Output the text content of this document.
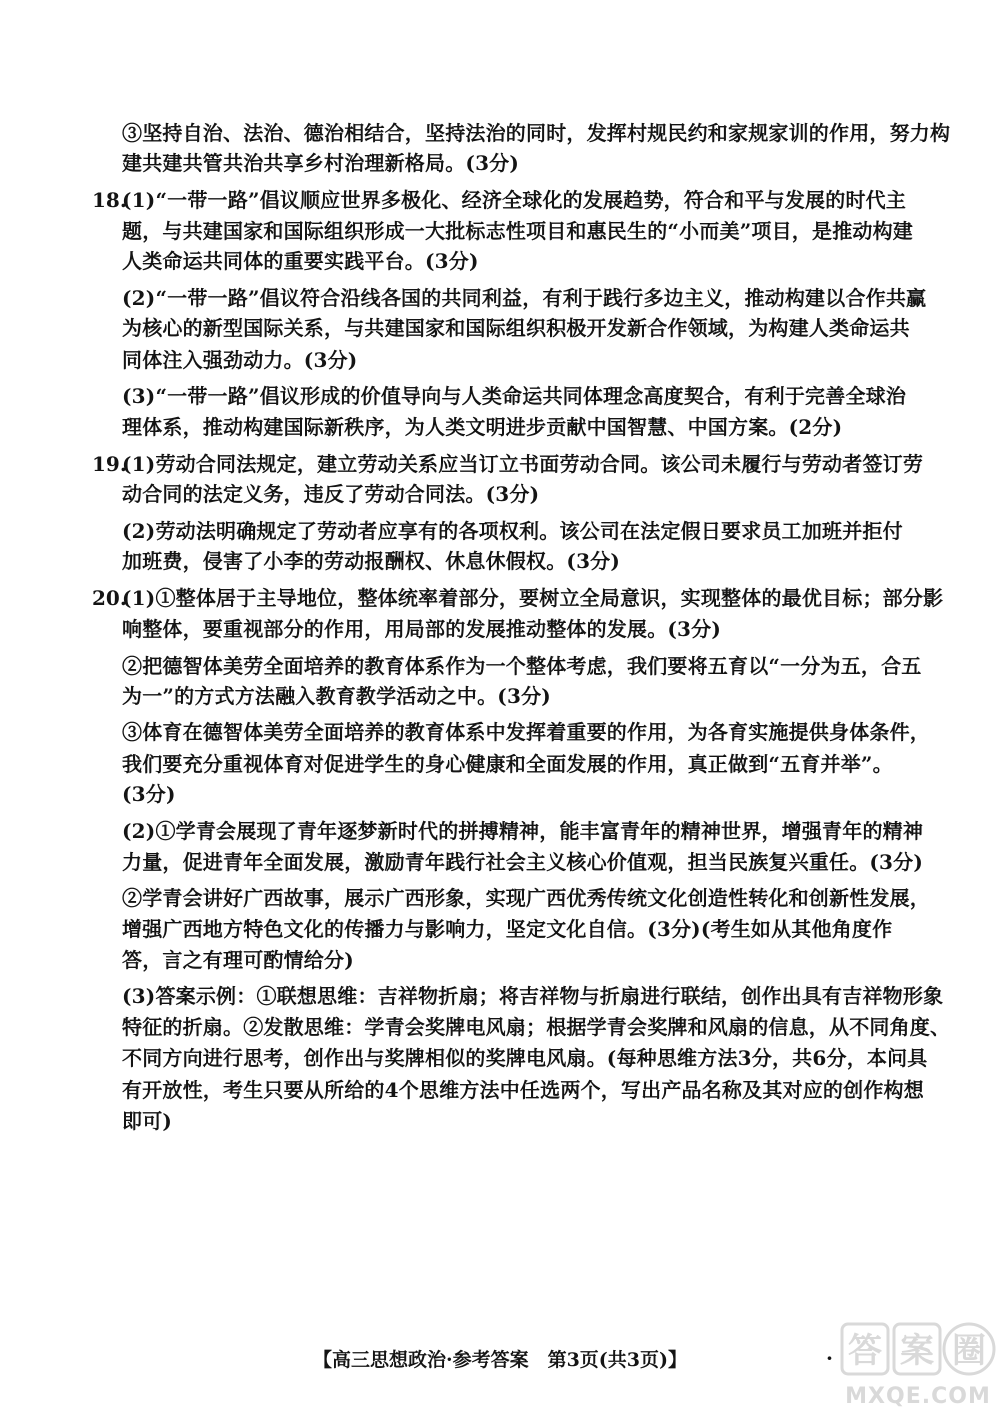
③坚持自治、法治、德治相结合，坚持法治的同时，发挥村规民约和家规家训的作用，努力构
建共建共管共治共享乡村治理新格局。(3分)
18.
(1)“一带一路”倡议顺应世界多极化、经济全球化的发展趋势，符合和平与发展的时代主
题，与共建国家和国际组织形成一大批标志性项目和惠民生的“小而美”项目，是推动构建
人类命运共同体的重要实践平台。(3分)
(2)“一带一路”倡议符合沿线各国的共同利益，有利于践行多边主义，推动构建以合作共赢
为核心的新型国际关系，与共建国家和国际组织积极开发新合作领域，为构建人类命运共
同体注入强劲动力。(3分)
(3)“一带一路”倡议形成的价值导向与人类命运共同体理念高度契合，有利于完善全球治
理体系，推动构建国际新秩序，为人类文明进步贡献中国智慧、中国方案。(2分)
19.
(1)劳动合同法规定，建立劳动关系应当订立书面劳动合同。该公司未履行与劳动者签订劳
动合同的法定义务，违反了劳动合同法。(3分)
(2)劳动法明确规定了劳动者应享有的各项权利。该公司在法定假日要求员工加班并拒付
加班费，侵害了小李的劳动报酬权、休息休假权。(3分)
20.
(1)①整体居于主导地位，整体统率着部分，要树立全局意识，实现整体的最优目标；部分影
响整体，要重视部分的作用，用局部的发展推动整体的发展。(3分)
②把德智体美劳全面培养的教育体系作为一个整体考虑，我们要将五育以“一分为五，合五
为一”的方式方法融入教育教学活动之中。(3分)
③体育在德智体美劳全面培养的教育体系中发挥着重要的作用，为各育实施提供身体条件，
我们要充分重视体育对促进学生的身心健康和全面发展的作用，真正做到“五育并举”。
(3分)
(2)①学青会展现了青年逐梦新时代的拼搏精神，能丰富青年的精神世界，增强青年的精神
力量，促进青年全面发展，激励青年践行社会主义核心价值观，担当民族复兴重任。(3分)
②学青会讲好广西故事，展示广西形象，实现广西优秀传统文化创造性转化和创新性发展，
增强广西地方特色文化的传播力与影响力，坚定文化自信。(3分)(考生如从其他角度作
答，言之有理可酌情给分)
(3)答案示例：①联想思维：吉祥物折扇；将吉祥物与折扇进行联结，创作出具有吉祥物形象
特征的折扇。②发散思维：学青会奖牌电风扇；根据学青会奖牌和风扇的信息，从不同角度、
不同方向进行思考，创作出与奖牌相似的奖牌电风扇。(每种思维方法3分，共6分，本问具
有开放性，考生只要从所给的4个思维方法中任选两个，写出产品名称及其对应的创作构想
即可)
【高三思想政治·参考答案　第3页(共3页)】	· 答 案 圈
MXQE.COM
